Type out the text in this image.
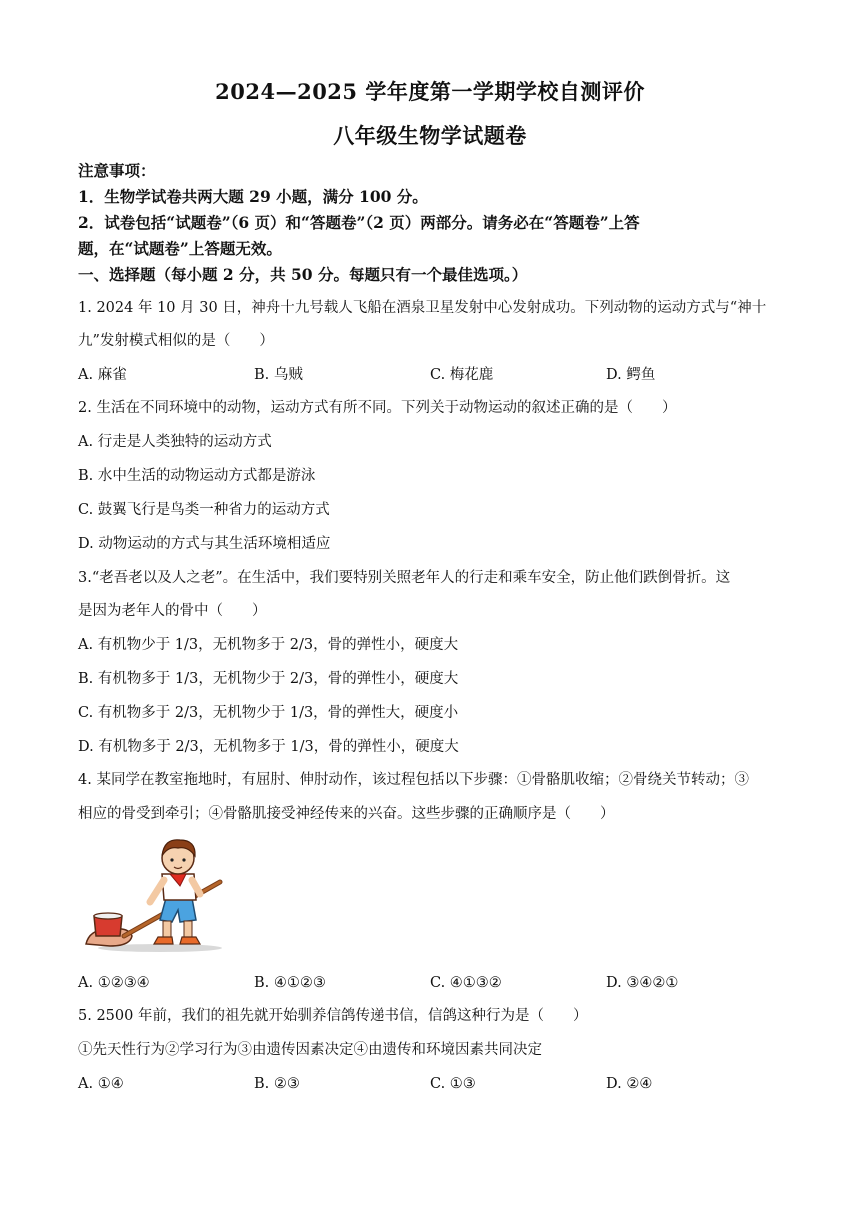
2024—2025 学年度第一学期学校自测评价
八年级生物学试题卷
注意事项：
1．生物学试卷共两大题 29 小题，满分 100 分。
2．试卷包括“试题卷”（6 页）和“答题卷”（2 页）两部分。请务必在“答题卷”上答
题，在“试题卷”上答题无效。
一、选择题（每小题 2 分，共 50 分。每题只有一个最佳选项。）
1. 2024 年 10 月 30 日，神舟十九号载人飞船在酒泉卫星发射中心发射成功。下列动物的运动方式与“神十
九”发射模式相似的是（　　）
A. 麻雀	B. 乌贼	C. 梅花鹿	D. 鳄鱼
2. 生活在不同环境中的动物，运动方式有所不同。下列关于动物运动的叙述正确的是（　　）
A. 行走是人类独特的运动方式
B. 水中生活的动物运动方式都是游泳
C. 鼓翼飞行是鸟类一种省力的运动方式
D. 动物运动的方式与其生活环境相适应
3.“老吾老以及人之老”。在生活中，我们要特别关照老年人的行走和乘车安全，防止他们跌倒骨折。这
是因为老年人的骨中（　　）
A. 有机物少于 1/3，无机物多于 2/3，骨的弹性小，硬度大
B. 有机物多于 1/3，无机物少于 2/3，骨的弹性小，硬度大
C. 有机物多于 2/3，无机物少于 1/3，骨的弹性大，硬度小
D. 有机物多于 2/3，无机物多于 1/3，骨的弹性小，硬度大
4. 某同学在教室拖地时，有屈肘、伸肘动作，该过程包括以下步骤：①骨骼肌收缩；②骨绕关节转动；③
相应的骨受到牵引；④骨骼肌接受神经传来的兴奋。这些步骤的正确顺序是（　　）
A. ①②③④	B. ④①②③	C. ④①③②	D. ③④②①
5. 2500 年前，我们的祖先就开始驯养信鸽传递书信，信鸽这种行为是（　　）
①先天性行为②学习行为③由遗传因素决定④由遗传和环境因素共同决定
A. ①④	B. ②③	C. ①③	D. ②④
